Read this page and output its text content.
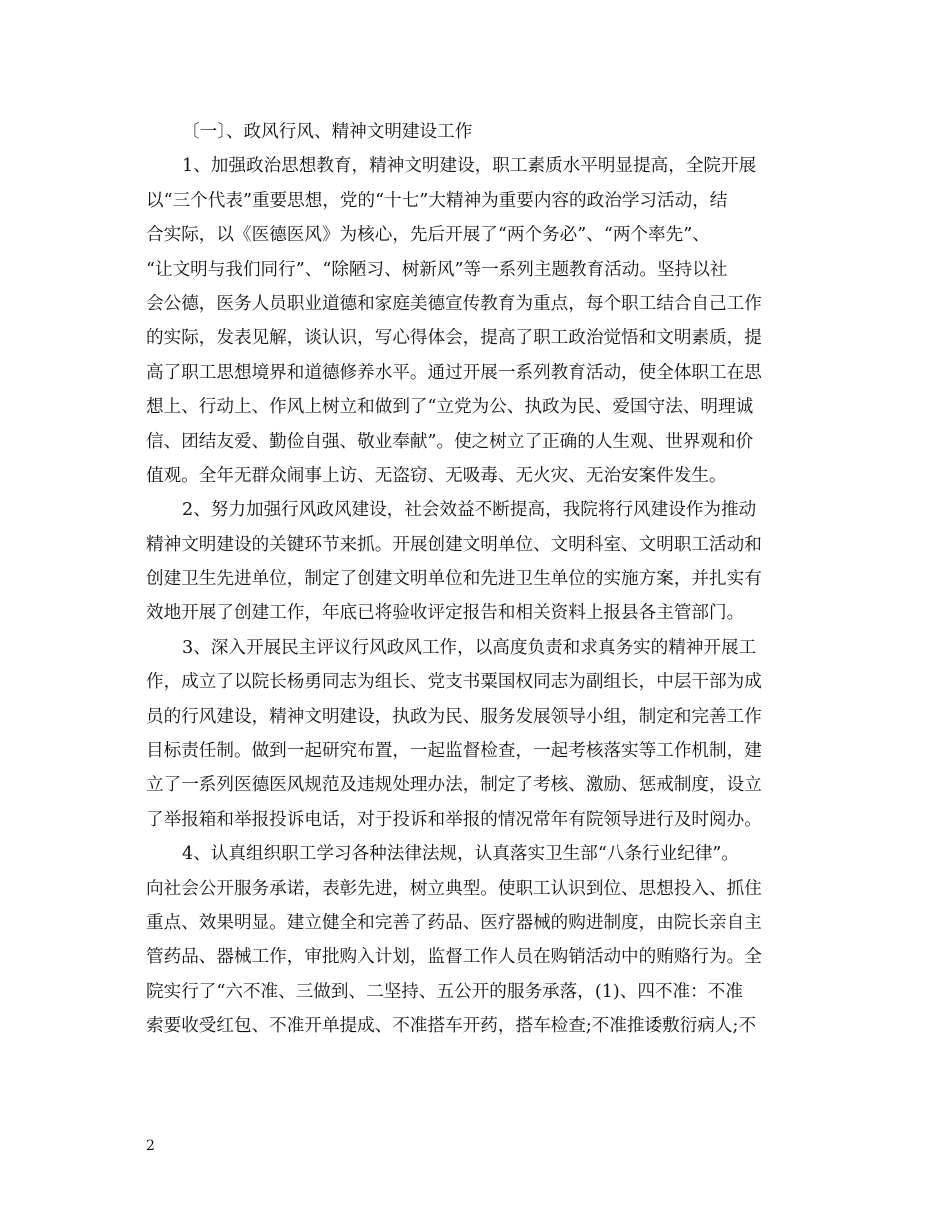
〔一〕、政风行风、精神文明建设工作
1、加强政治思想教育，精神文明建设，职工素质水平明显提高，全院开展
以“三个代表”重要思想，党的“十七”大精神为重要内容的政治学习活动，结
合实际，以《医德医风》为核心，先后开展了“两个务必”、“两个率先”、
“让文明与我们同行”、“除陋习、树新风”等一系列主题教育活动。坚持以社
会公德，医务人员职业道德和家庭美德宣传教育为重点，每个职工结合自己工作
的实际，发表见解，谈认识，写心得体会，提高了职工政治觉悟和文明素质，提
高了职工思想境界和道德修养水平。通过开展一系列教育活动，使全体职工在思
想上、行动上、作风上树立和做到了“立党为公、执政为民、爱国守法、明理诚
信、团结友爱、勤俭自强、敬业奉献”。使之树立了正确的人生观、世界观和价
值观。全年无群众闹事上访、无盗窃、无吸毒、无火灾、无治安案件发生。
2、努力加强行风政风建设，社会效益不断提高，我院将行风建设作为推动
精神文明建设的关键环节来抓。开展创建文明单位、文明科室、文明职工活动和
创建卫生先进单位，制定了创建文明单位和先进卫生单位的实施方案，并扎实有
效地开展了创建工作，年底已将验收评定报告和相关资料上报县各主管部门。
3、深入开展民主评议行风政风工作，以高度负责和求真务实的精神开展工
作，成立了以院长杨勇同志为组长、党支书粟国权同志为副组长，中层干部为成
员的行风建设，精神文明建设，执政为民、服务发展领导小组，制定和完善工作
目标责任制。做到一起研究布置，一起监督检查，一起考核落实等工作机制，建
立了一系列医德医风规范及违规处理办法，制定了考核、激励、惩戒制度，设立
了举报箱和举报投诉电话，对于投诉和举报的情况常年有院领导进行及时阅办。
4、认真组织职工学习各种法律法规，认真落实卫生部“八条行业纪律”。
向社会公开服务承诺，表彰先进，树立典型。使职工认识到位、思想投入、抓住
重点、效果明显。建立健全和完善了药品、医疗器械的购进制度，由院长亲自主
管药品、器械工作，审批购入计划，监督工作人员在购销活动中的贿赂行为。全
院实行了“六不准、三做到、二坚持、五公开的服务承落，(1)、四不准：不准
索要收受红包、不准开单提成、不准搭车开药，搭车检查;不准推诿敷衍病人;不
2
